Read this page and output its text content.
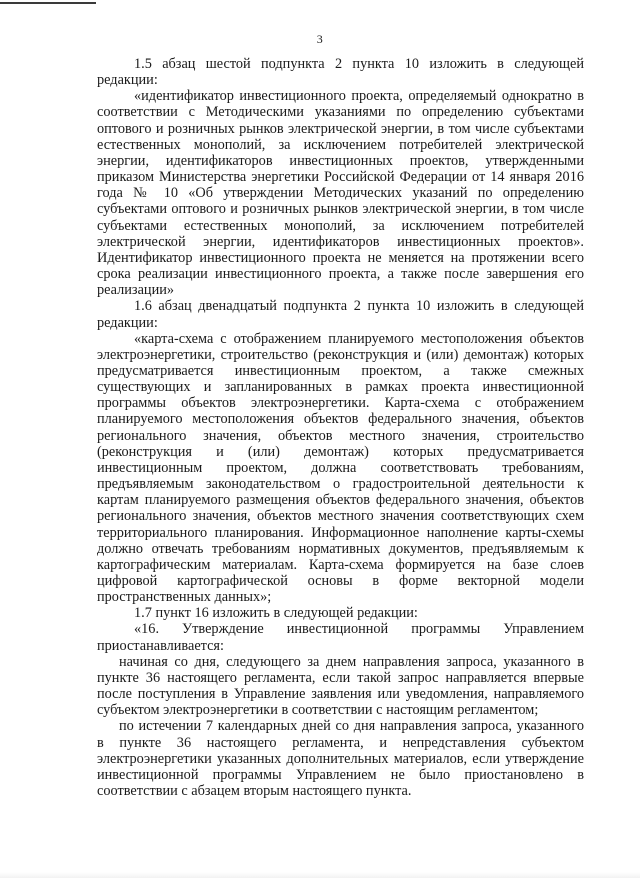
3

1.5 абзац шестой подпункта 2 пункта 10 изложить в следующей редакции:

«идентификатор инвестиционного проекта, определяемый однократно в соответствии с Методическими указаниями по определению субъектами оптового и розничных рынков электрической энергии, в том числе субъектами естественных монополий, за исключением потребителей электрической энергии, идентификаторов инвестиционных проектов, утвержденными приказом Министерства энергетики Российской Федерации от 14 января 2016 года № 10 «Об утверждении Методических указаний по определению субъектами оптового и розничных рынков электрической энергии, в том числе субъектами естественных монополий, за исключением потребителей электрической энергии, идентификаторов инвестиционных проектов». Идентификатор инвестиционного проекта не меняется на протяжении всего срока реализации инвестиционного проекта, а также после завершения его реализации»

1.6 абзац двенадцатый подпункта 2 пункта 10 изложить в следующей редакции:

«карта-схема с отображением планируемого местоположения объектов электроэнергетики, строительство (реконструкция и (или) демонтаж) которых предусматривается инвестиционным проектом, а также смежных существующих и запланированных в рамках проекта инвестиционной программы объектов электроэнергетики. Карта-схема с отображением планируемого местоположения объектов федерального значения, объектов регионального значения, объектов местного значения, строительство (реконструкция и (или) демонтаж) которых предусматривается инвестиционным проектом, должна соответствовать требованиям, предъявляемым законодательством о градостроительной деятельности к картам планируемого размещения объектов федерального значения, объектов регионального значения, объектов местного значения соответствующих схем территориального планирования. Информационное наполнение карты-схемы должно отвечать требованиям нормативных документов, предъявляемым к картографическим материалам. Карта-схема формируется на базе слоев цифровой картографической основы в форме векторной модели пространственных данных»;

1.7 пункт 16 изложить в следующей редакции:

«16. Утверждение инвестиционной программы Управлением приостанавливается:

начиная со дня, следующего за днем направления запроса, указанного в пункте 36 настоящего регламента, если такой запрос направляется впервые после поступления в Управление заявления или уведомления, направляемого субъектом электроэнергетики в соответствии с настоящим регламентом;

по истечении 7 календарных дней со дня направления запроса, указанного в пункте 36 настоящего регламента, и непредставления субъектом электроэнергетики указанных дополнительных материалов, если утверждение инвестиционной программы Управлением не было приостановлено в соответствии с абзацем вторым настоящего пункта.
